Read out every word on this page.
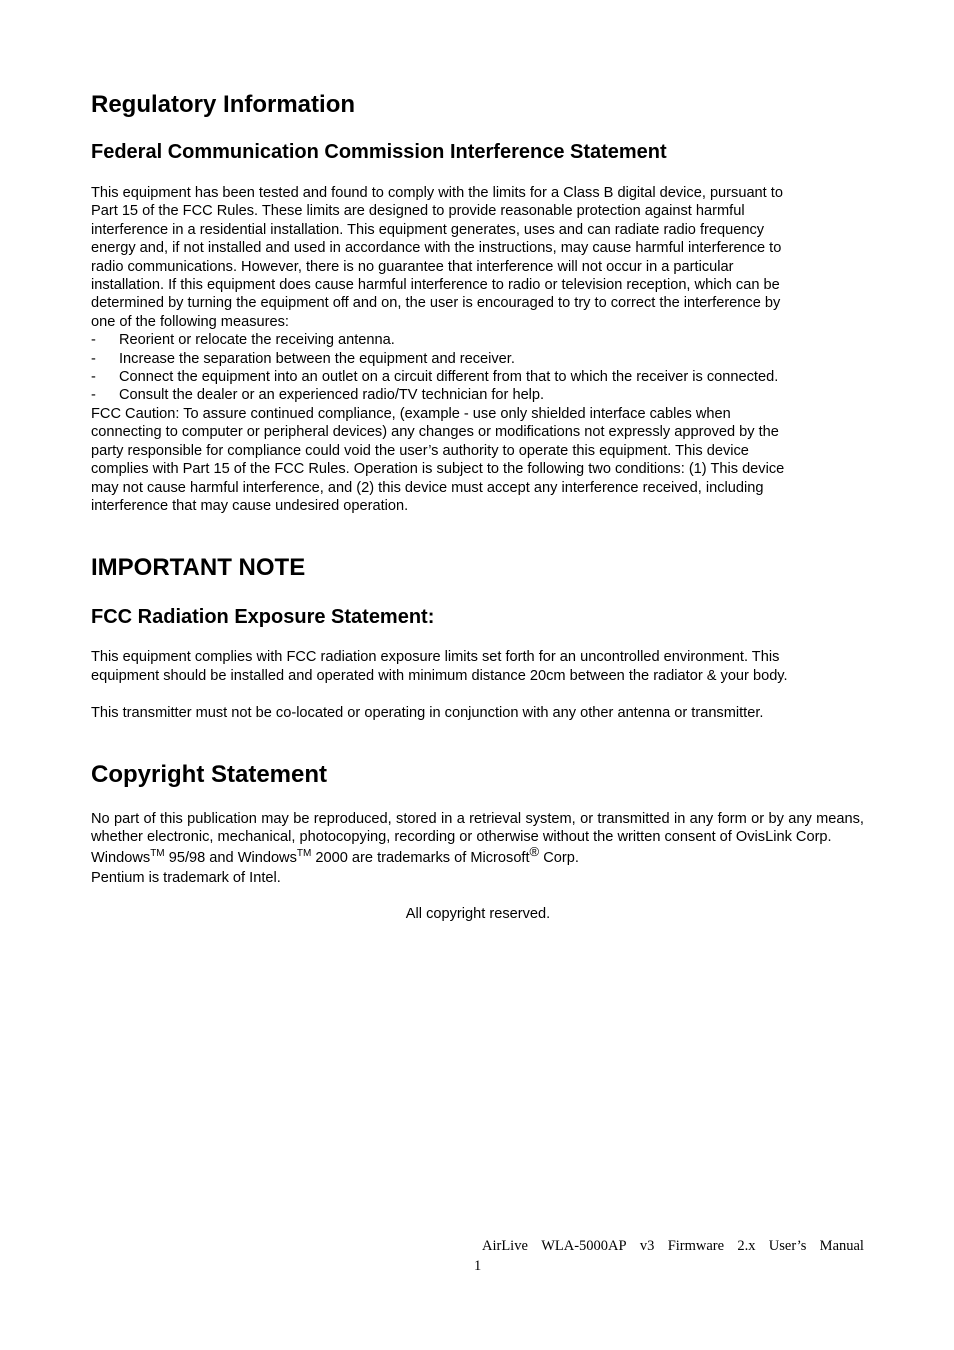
Regulatory Information
Federal Communication Commission Interference Statement

This equipment has been tested and found to comply with the limits for a Class B digital device, pursuant to

Part 15 of the FCC Rules. These limits are designed to provide reasonable protection against harmful

interference in a residential installation. This equipment generates, uses and can radiate radio frequency

energy and, if not installed and used in accordance with the instructions, may cause harmful interference to

radio communications. However, there is no guarantee that interference will not occur in a particular

installation. If this equipment does cause harmful interference to radio or television reception, which can be

determined by turning the equipment off and on, the user is encouraged to try to correct the interference by

one of the following measures:

- Reorient or relocate the receiving antenna.
- Increase the separation between the equipment and receiver.
- Connect the equipment into an outlet on a circuit different from that to which the receiver is connected.
- Consult the dealer or an experienced radio/TV technician for help.

FCC Caution: To assure continued compliance, (example - use only shielded interface cables when

connecting to computer or peripheral devices) any changes or modifications not expressly approved by the

party responsible for compliance could void the user’s authority to operate this equipment. This device

complies with Part 15 of the FCC Rules. Operation is subject to the following two conditions: (1) This device

may not cause harmful interference, and (2) this device must accept any interference received, including

interference that may cause undesired operation.

IMPORTANT NOTE
FCC Radiation Exposure Statement:

This equipment complies with FCC radiation exposure limits set forth for an uncontrolled environment. This

equipment should be installed and operated with minimum distance 20cm between the radiator & your body.

This transmitter must not be co-located or operating in conjunction with any other antenna or transmitter.

Copyright Statement

No part of this publication may be reproduced, stored in a retrieval system, or transmitted in any form or by any means, whether electronic, mechanical, photocopying, recording or otherwise without the written consent of OvisLink Corp.

Windows™ 95/98 and Windows™ 2000 are trademarks of Microsoft® Corp.

Pentium is trademark of Intel.

All copyright reserved.

AirLive WLA-5000AP v3 Firmware 2.x User’s Manual
1
